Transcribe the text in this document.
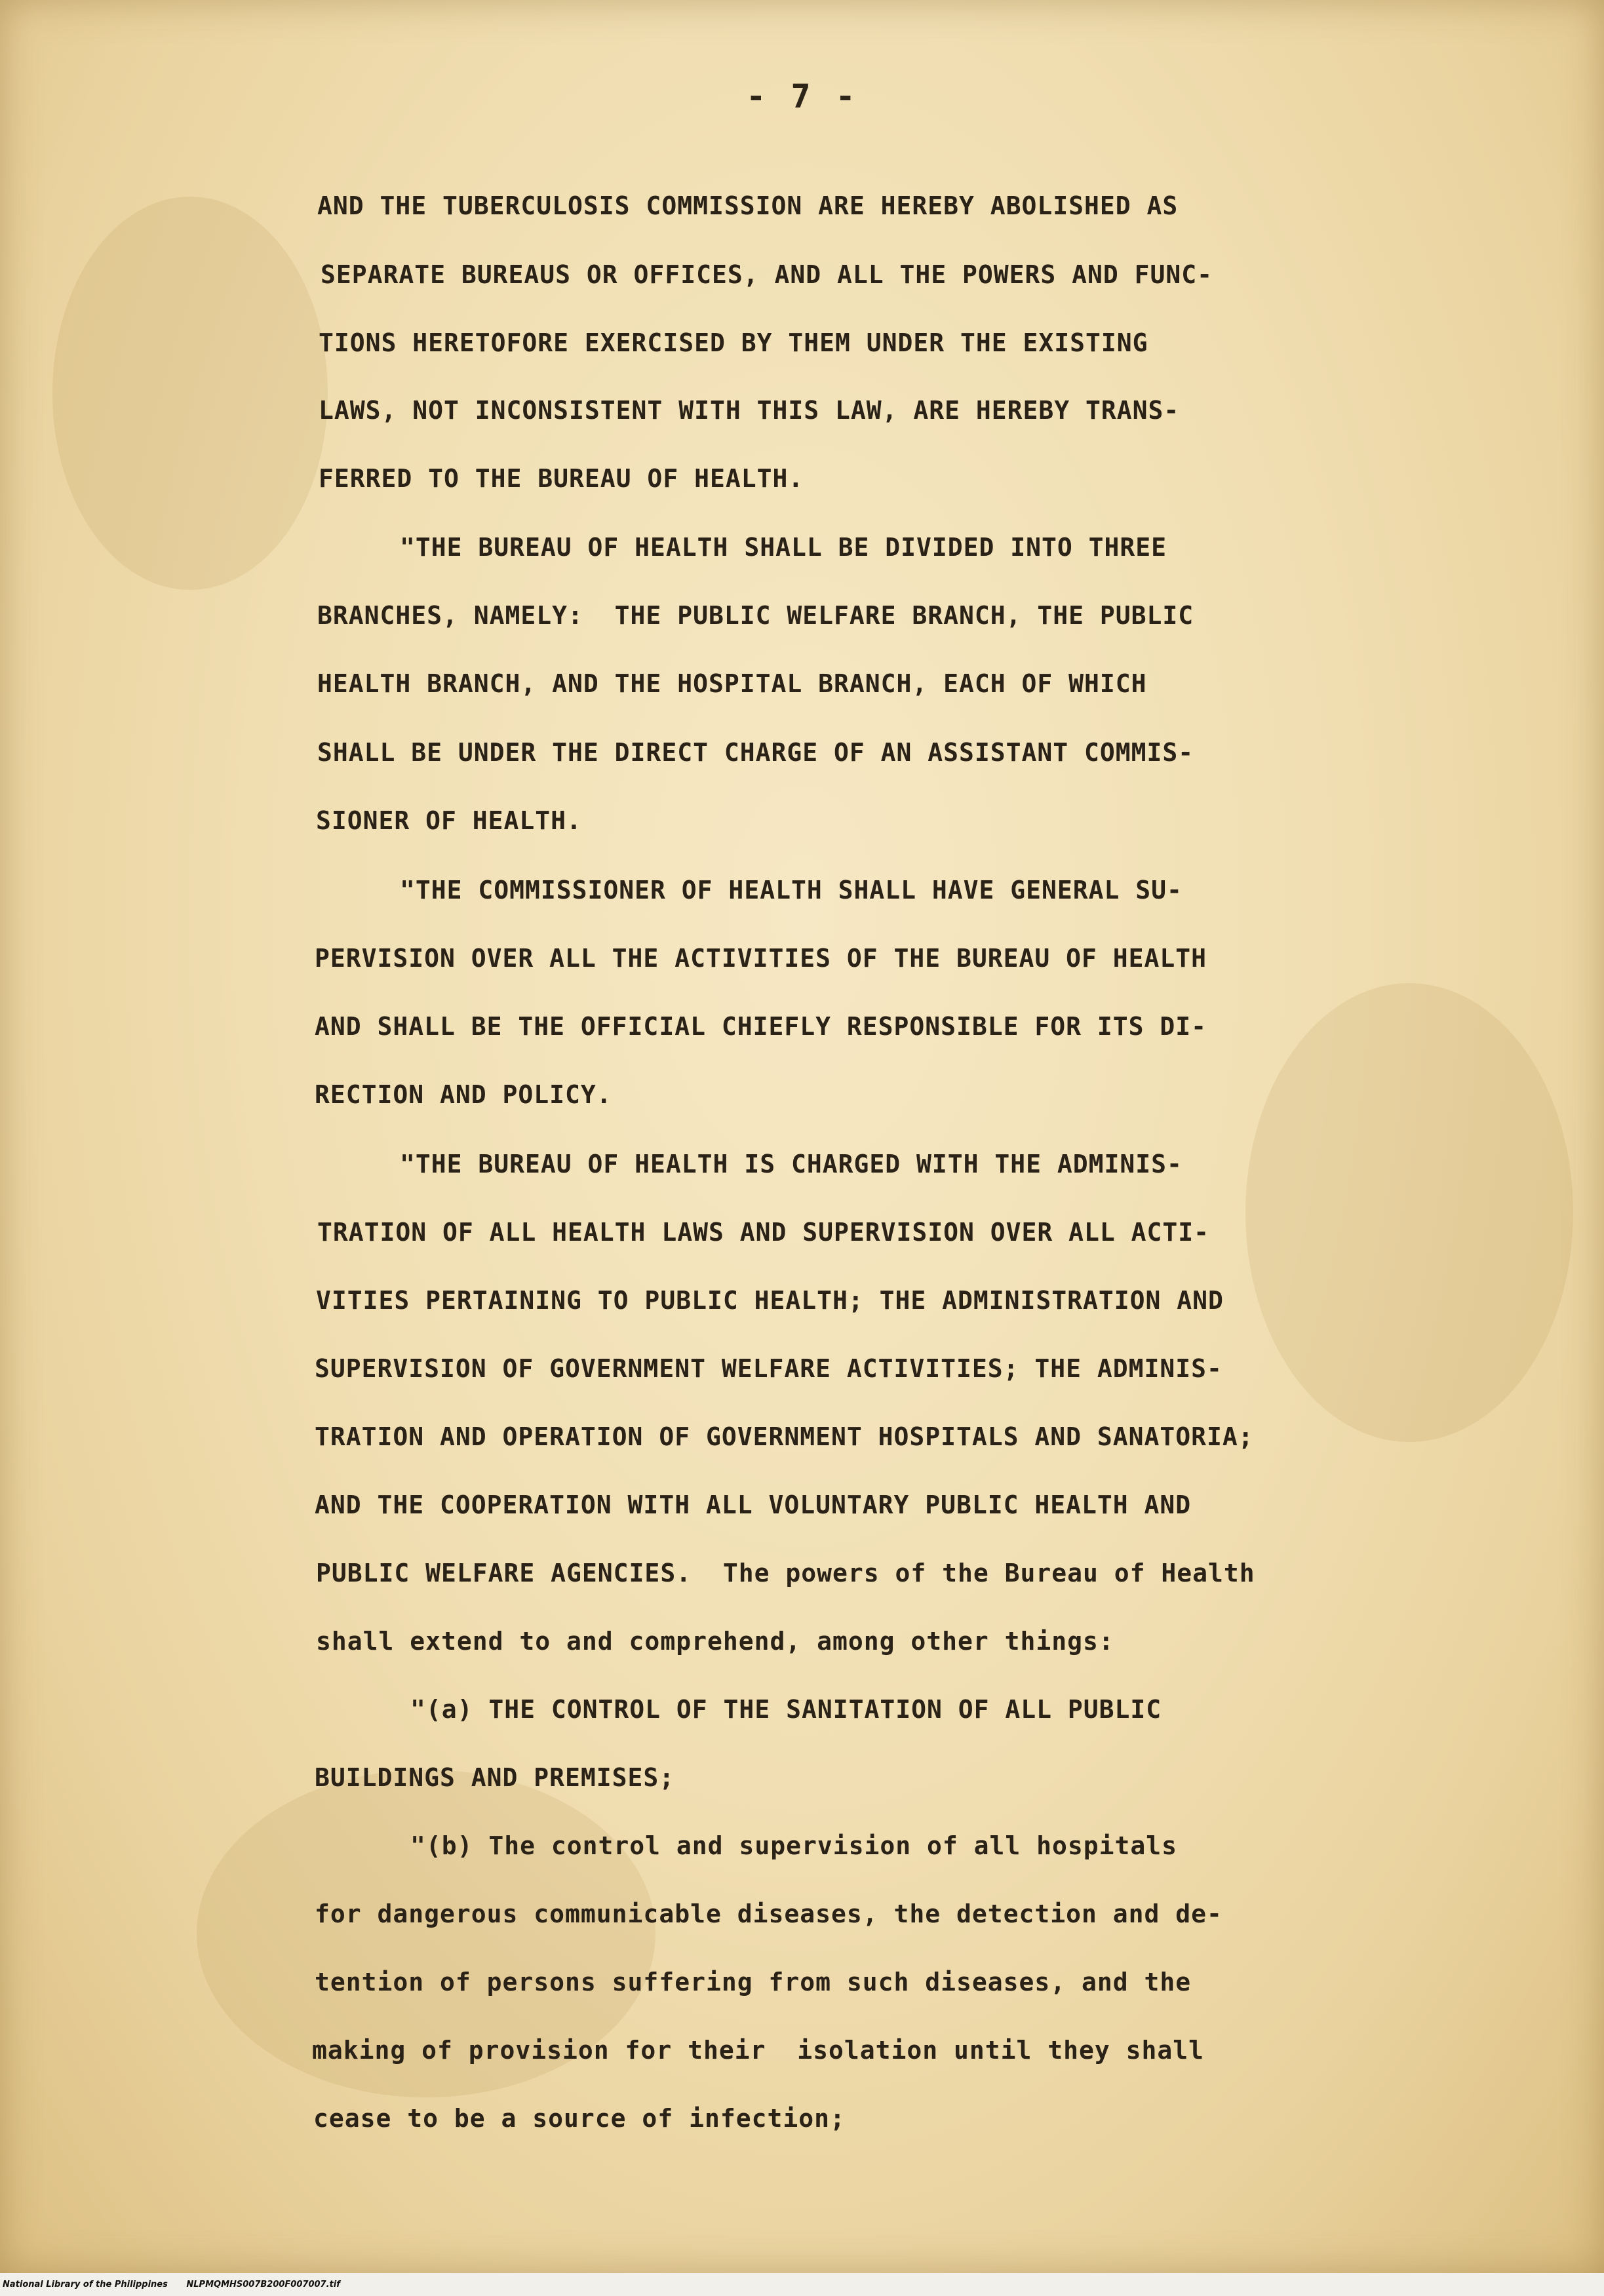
- 7 -
AND THE TUBERCULOSIS COMMISSION ARE HEREBY ABOLISHED AS
SEPARATE BUREAUS OR OFFICES, AND ALL THE POWERS AND FUNC-
TIONS HERETOFORE EXERCISED BY THEM UNDER THE EXISTING
LAWS, NOT INCONSISTENT WITH THIS LAW, ARE HEREBY TRANS-
FERRED TO THE BUREAU OF HEALTH.
"THE BUREAU OF HEALTH SHALL BE DIVIDED INTO THREE
BRANCHES, NAMELY:  THE PUBLIC WELFARE BRANCH, THE PUBLIC
HEALTH BRANCH, AND THE HOSPITAL BRANCH, EACH OF WHICH
SHALL BE UNDER THE DIRECT CHARGE OF AN ASSISTANT COMMIS-
SIONER OF HEALTH.
"THE COMMISSIONER OF HEALTH SHALL HAVE GENERAL SU-
PERVISION OVER ALL THE ACTIVITIES OF THE BUREAU OF HEALTH
AND SHALL BE THE OFFICIAL CHIEFLY RESPONSIBLE FOR ITS DI-
RECTION AND POLICY.
"THE BUREAU OF HEALTH IS CHARGED WITH THE ADMINIS-
TRATION OF ALL HEALTH LAWS AND SUPERVISION OVER ALL ACTI-
VITIES PERTAINING TO PUBLIC HEALTH; THE ADMINISTRATION AND
SUPERVISION OF GOVERNMENT WELFARE ACTIVITIES; THE ADMINIS-
TRATION AND OPERATION OF GOVERNMENT HOSPITALS AND SANATORIA;
AND THE COOPERATION WITH ALL VOLUNTARY PUBLIC HEALTH AND
PUBLIC WELFARE AGENCIES.  The powers of the Bureau of Health
shall extend to and comprehend, among other things:
"(a) THE CONTROL OF THE SANITATION OF ALL PUBLIC
BUILDINGS AND PREMISES;
"(b) The control and supervision of all hospitals
for dangerous communicable diseases, the detection and de-
tention of persons suffering from such diseases, and the
making of provision for their  isolation until they shall
cease to be a source of infection;
National Library of the Philippines NLPMQMHS007B200F007007.tif
